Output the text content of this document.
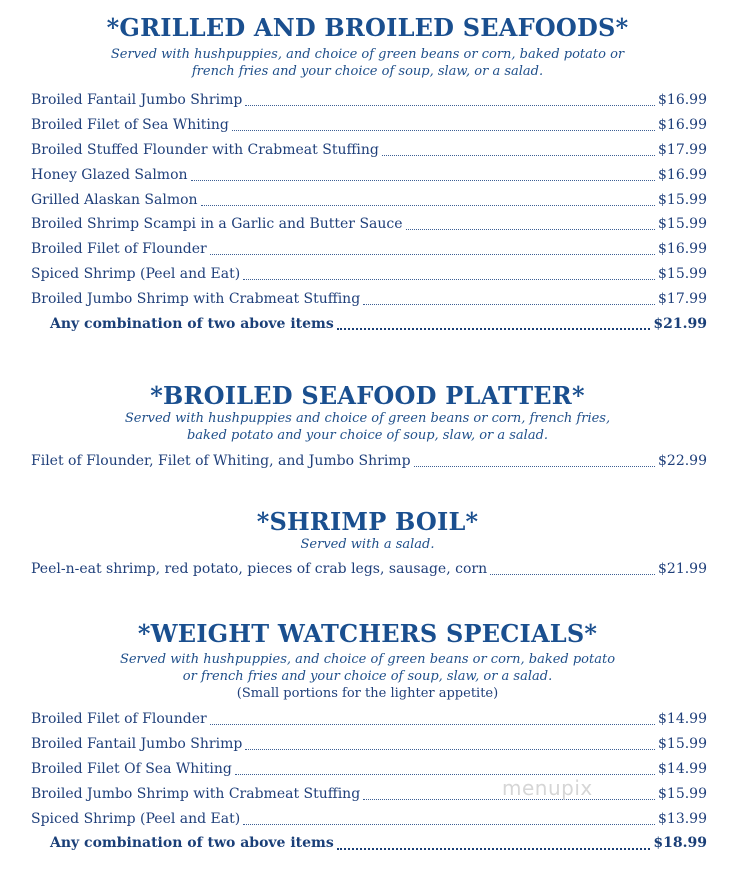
*GRILLED AND BROILED SEAFOODS*
Served with hushpuppies, and choice of green beans or corn, baked potato or
french fries and your choice of soup, slaw, or a salad.
Broiled Fantail Jumbo Shrimp	$16.99
Broiled Filet of Sea Whiting	$16.99
Broiled Stuffed Flounder with Crabmeat Stuffing	$17.99
Honey Glazed Salmon	$16.99
Grilled Alaskan Salmon	$15.99
Broiled Shrimp Scampi in a Garlic and Butter Sauce	$15.99
Broiled Filet of Flounder	$16.99
Spiced Shrimp (Peel and Eat)	$15.99
Broiled Jumbo Shrimp with Crabmeat Stuffing	$17.99
Any combination of two above items	$21.99
*BROILED SEAFOOD PLATTER*
Served with hushpuppies and choice of green beans or corn, french fries,
baked potato and your choice of soup, slaw, or a salad.
Filet of Flounder, Filet of Whiting, and Jumbo Shrimp	$22.99
*SHRIMP BOIL*
Served with a salad.
Peel-n-eat shrimp, red potato, pieces of crab legs, sausage, corn	$21.99
*WEIGHT WATCHERS SPECIALS*
Served with hushpuppies, and choice of green beans or corn, baked potato
or french fries and your choice of soup, slaw, or a salad.
(Small portions for the lighter appetite)
Broiled Filet of Flounder	$14.99
Broiled Fantail Jumbo Shrimp	$15.99
Broiled Filet Of Sea Whiting	$14.99
Broiled Jumbo Shrimp with Crabmeat Stuffing	$15.99
Spiced Shrimp (Peel and Eat)	$13.99
Any combination of two above items	$18.99
menupix
